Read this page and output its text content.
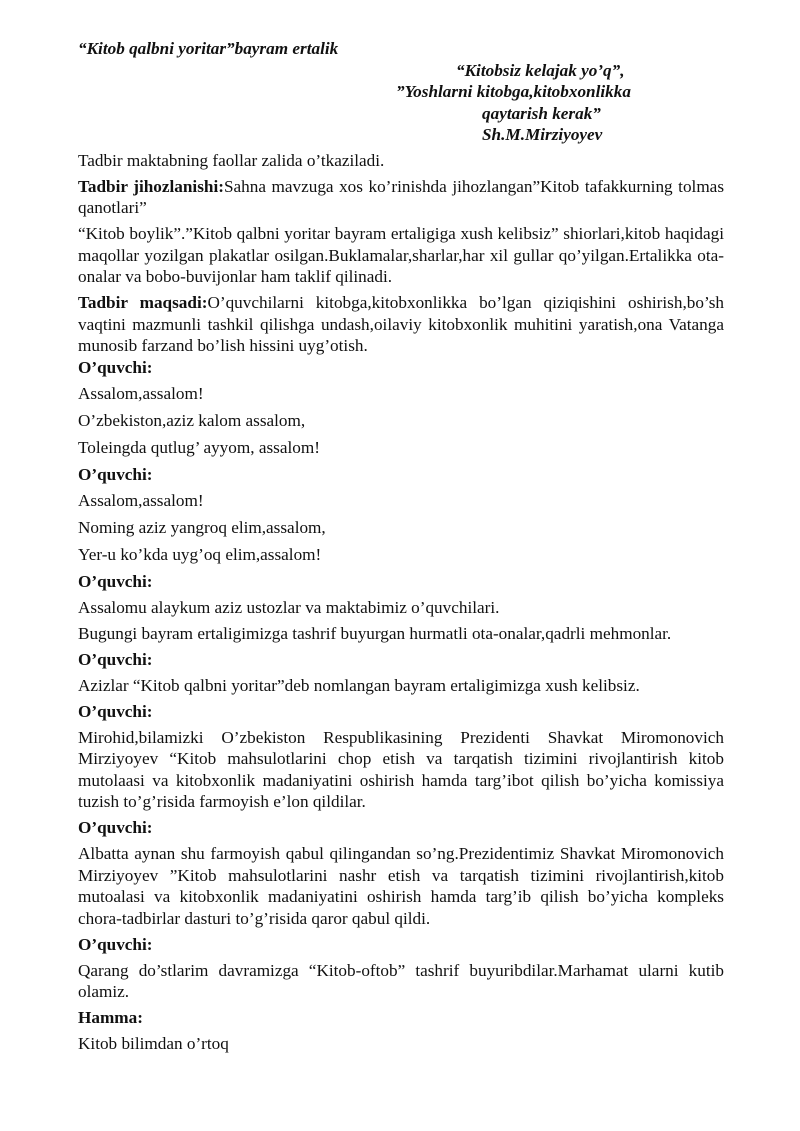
“Kitob qalbni yoritar”bayram ertalik

“Kitobsiz kelajak yo’q”,
”Yoshlarni kitobga,kitobxonlikka
qaytarish kerak”
Sh.M.Mirziyoyev

Tadbir maktabning faollar zalida o’tkaziladi.

Tadbir jihozlanishi:Sahna mavzuga xos ko’rinishda jihozlangan”Kitob tafakkurning tolmas qanotlari”

“Kitob boylik”.”Kitob qalbni yoritar bayram ertaligiga xush kelibsiz” shiorlari,kitob haqidagi maqollar yozilgan plakatlar osilgan.Buklamalar,sharlar,har xil gullar qo’yilgan.Ertalikka ota-onalar va bobo-buvijonlar ham taklif qilinadi.

Tadbir maqsadi:O’quvchilarni kitobga,kitobxonlikka bo’lgan qiziqishini oshirish,bo’sh vaqtini mazmunli tashkil qilishga undash,oilaviy kitobxonlik muhitini yaratish,ona Vatanga munosib farzand bo’lish hissini uyg’otish.

O’quvchi:

Assalom,assalom!

O’zbekiston,aziz kalom assalom,

Toleingda qutlug’ ayyom, assalom!

O’quvchi:

Assalom,assalom!

Noming aziz yangroq elim,assalom,

Yer-u ko’kda uyg’oq elim,assalom!

O’quvchi:

Assalomu alaykum aziz ustozlar va maktabimiz o’quvchilari.

Bugungi bayram ertaligimizga tashrif buyurgan hurmatli ota-onalar,qadrli mehmonlar.

O’quvchi:

Azizlar “Kitob qalbni yoritar”deb nomlangan bayram ertaligimizga xush kelibsiz.

O’quvchi:

Mirohid,bilamizki O’zbekiston Respublikasining Prezidenti Shavkat Miromonovich Mirziyoyev “Kitob mahsulotlarini chop etish va tarqatish tizimini rivojlantirish kitob mutolaasi va kitobxonlik madaniyatini oshirish hamda targ’ibot qilish bo’yicha komissiya tuzish to’g’risida farmoyish e’lon qildilar.

O’quvchi:

Albatta aynan shu farmoyish qabul qilingandan so’ng.Prezidentimiz Shavkat Miromonovich Mirziyoyev ”Kitob mahsulotlarini nashr etish va tarqatish tizimini rivojlantirish,kitob mutoalasi va kitobxonlik madaniyatini oshirish hamda targ’ib qilish bo’yicha kompleks chora-tadbirlar dasturi to’g’risida qaror qabul qildi.

O’quvchi:

Qarang do’stlarim davramizga “Kitob-oftob” tashrif buyuribdilar.Marhamat ularni kutib olamiz.

Hamma:

Kitob bilimdan o’rtoq
